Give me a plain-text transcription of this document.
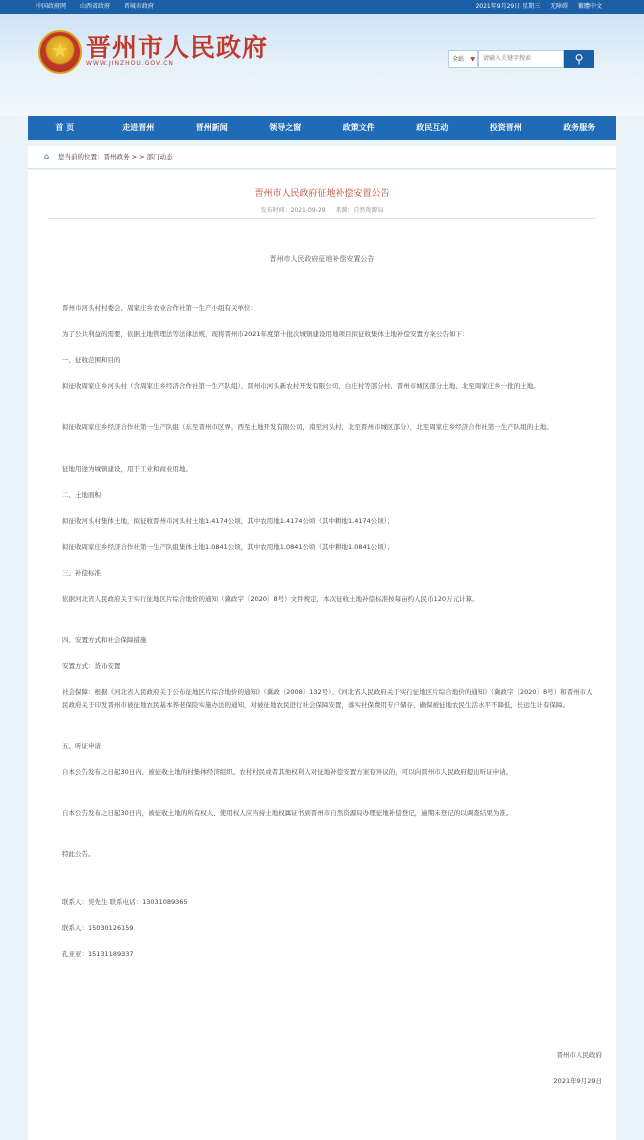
中国政府网 山西省政府 晋城市政府	2021年9月29日 星期三 无障碍 繁體中文
★ 晋州市人民政府
WWW.JINZHOU.GOV.CN
全站 ▼
请输入关键字搜索	⚲
首 页	走进晋州	晋州新闻	领导之窗	政策文件	政民互动	投资晋州	政务服务
⌂ 您当前的位置：晋州政务 > > 部门动态
晋州市人民政府征地补偿安置公告
发布时间：2021-09-29 来源：自然资源局
晋州市人民政府征地补偿安置公告
晋州市河头村村委会、周家庄乡农业合作社第一生产小组有关单位：
为了公共利益的需要，依据土地管理法等法律法规，现将晋州市2021年度第十批次城镇建设用地项目拟征收集体土地补偿安置方案公告如下：
一、征收范围和目的
拟征收周家庄乡河头村（含周家庄乡经济合作社第一生产队组）、晋州市河头新农村开发有限公司、白庄村等部分村、晋州市城区部分土地、北至周家庄乡一批的土地。
拟征收周家庄乡经济合作社第一生产队组（东至晋州市区界，西至土地开发有限公司，南至河头村，北至晋州市城区部分），北至周家庄乡经济合作社第一生产队组的土地。
征地用途为城镇建设，用于工业和商业用地。
二、土地面积
拟征收河头村集体土地，拟征收晋州市河头村土地1.4174公顷，其中农用地1.4174公顷（其中耕地1.4174公顷）；
拟征收周家庄乡经济合作社第一生产队组集体土地1.0841公顷，其中农用地1.0841公顷（其中耕地1.0841公顷）；
三、补偿标准
依据河北省人民政府关于实行征地区片综合地价的通知（冀政字〔2020〕8号）文件规定，本次征收土地补偿标准按每亩约人民币120万元计算。
四、安置方式和社会保障措施
安置方式：货币安置
社会保障：根据《河北省人民政府关于公布征地区片综合地价的通知》（冀政〔2008〕132号）、《河北省人民政府关于实行征地区片综合地价的通知》（冀政字〔2020〕8号）和晋州市人民政府关于印发晋州市被征地农民基本养老保险实施办法的通知，对被征地农民进行社会保障安置，落实社保费用专户储存，确保被征地农民生活水平不降低，长远生计有保障。
五、听证申请
自本公告发布之日起30日内，被征收土地的村集体经济组织、农村村民或者其他权利人对征地补偿安置方案有异议的，可以向晋州市人民政府提出听证申请。
自本公告发布之日起30日内，被征收土地的所有权人、使用权人应当持土地权属证书到晋州市自然资源局办理征地补偿登记，逾期未登记的以调查结果为准。
特此公告。
联系人：吴先生 联系电话：13031089365
联系人：15030126159
孔亚亚：15131189337
晋州市人民政府
2021年9月29日
